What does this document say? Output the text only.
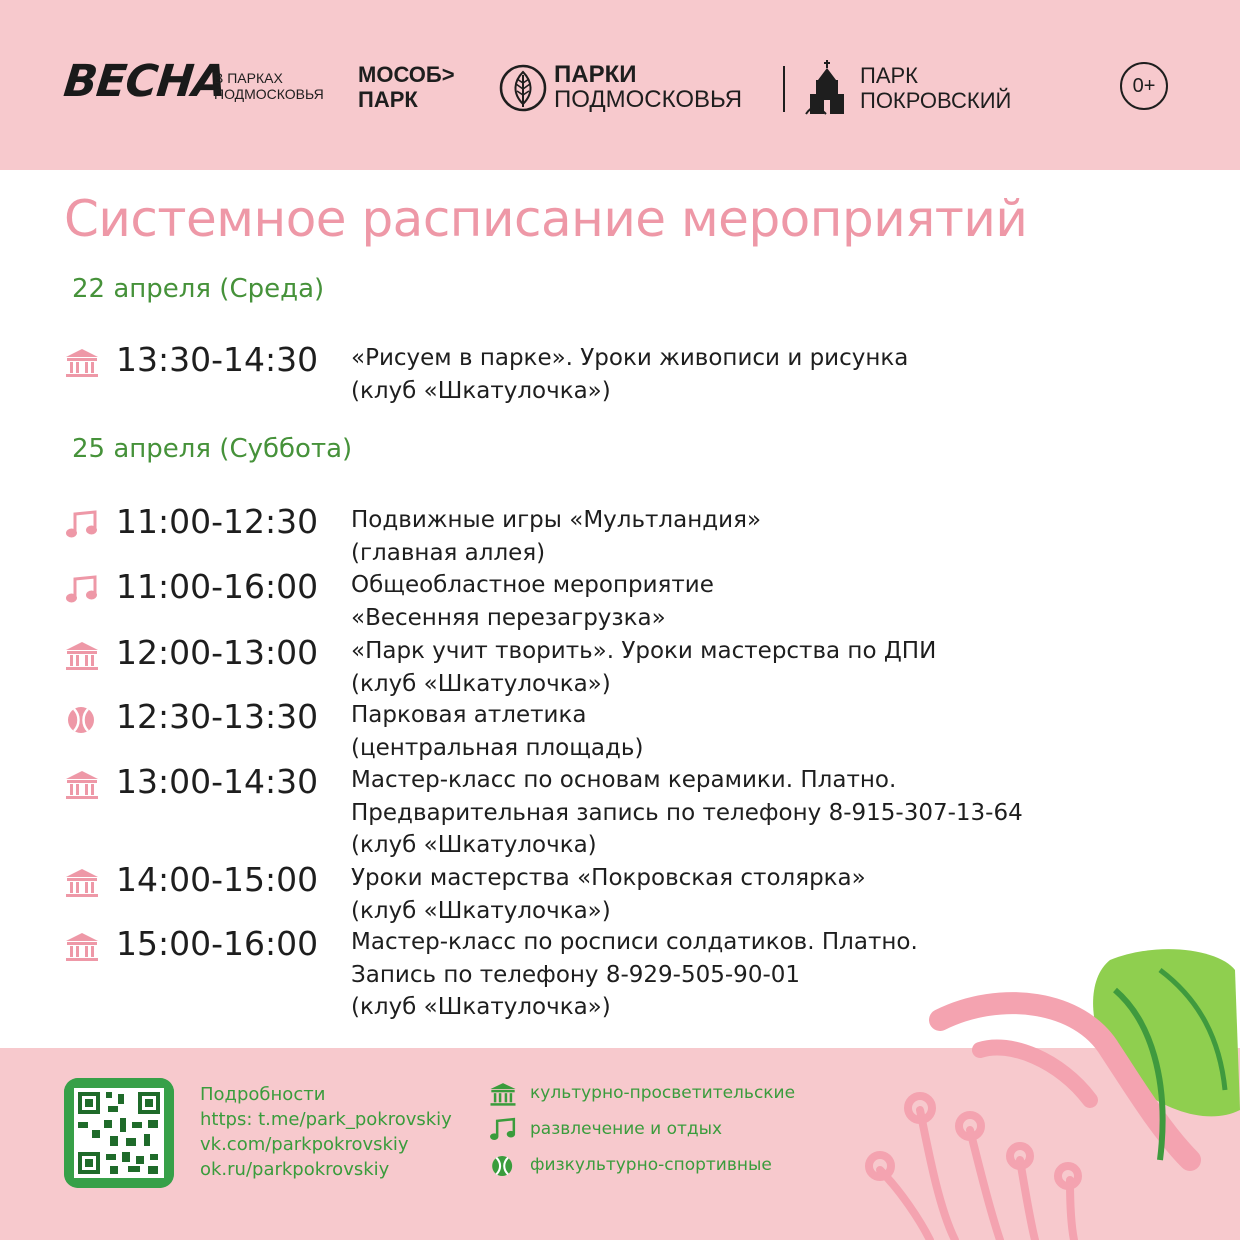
ВЕСНА
В ПАРКАХ
ПОДМОСКОВЬЯ
МОСОБ>
ПАРК
ПАРКИ
ПОДМОСКОВЬЯ
ПАРК
ПОКРОВСКИЙ
0+
Системное расписание мероприятий
22 апреля (Среда)
13:30-14:30 «Рисуем в парке». Уроки живописи и рисунка
(клуб «Шкатулочка»)
25 апреля (Суббота)
11:00-12:30 Подвижные игры «Мультландия»
(главная аллея)
11:00-16:00 Общеобластное мероприятие
«Весенняя перезагрузка»
12:00-13:00 «Парк учит творить». Уроки мастерства по ДПИ
(клуб «Шкатулочка»)
12:30-13:30 Парковая атлетика
(центральная площадь)
13:00-14:30 Мастер-класс по основам керамики. Платно.
Предварительная запись по телефону 8-915-307-13-64
(клуб «Шкатулочка)
14:00-15:00 Уроки мастерства «Покровская столярка»
(клуб «Шкатулочка»)
15:00-16:00 Мастер-класс по росписи солдатиков. Платно.
Запись по телефону 8-929-505-90-01
(клуб «Шкатулочка»)
Подробности
https: t.me/park_pokrovskiy
vk.com/parkpokrovskiy
ok.ru/parkpokrovskiy
культурно-просветительские
развлечение и отдых
физкультурно-спортивные
